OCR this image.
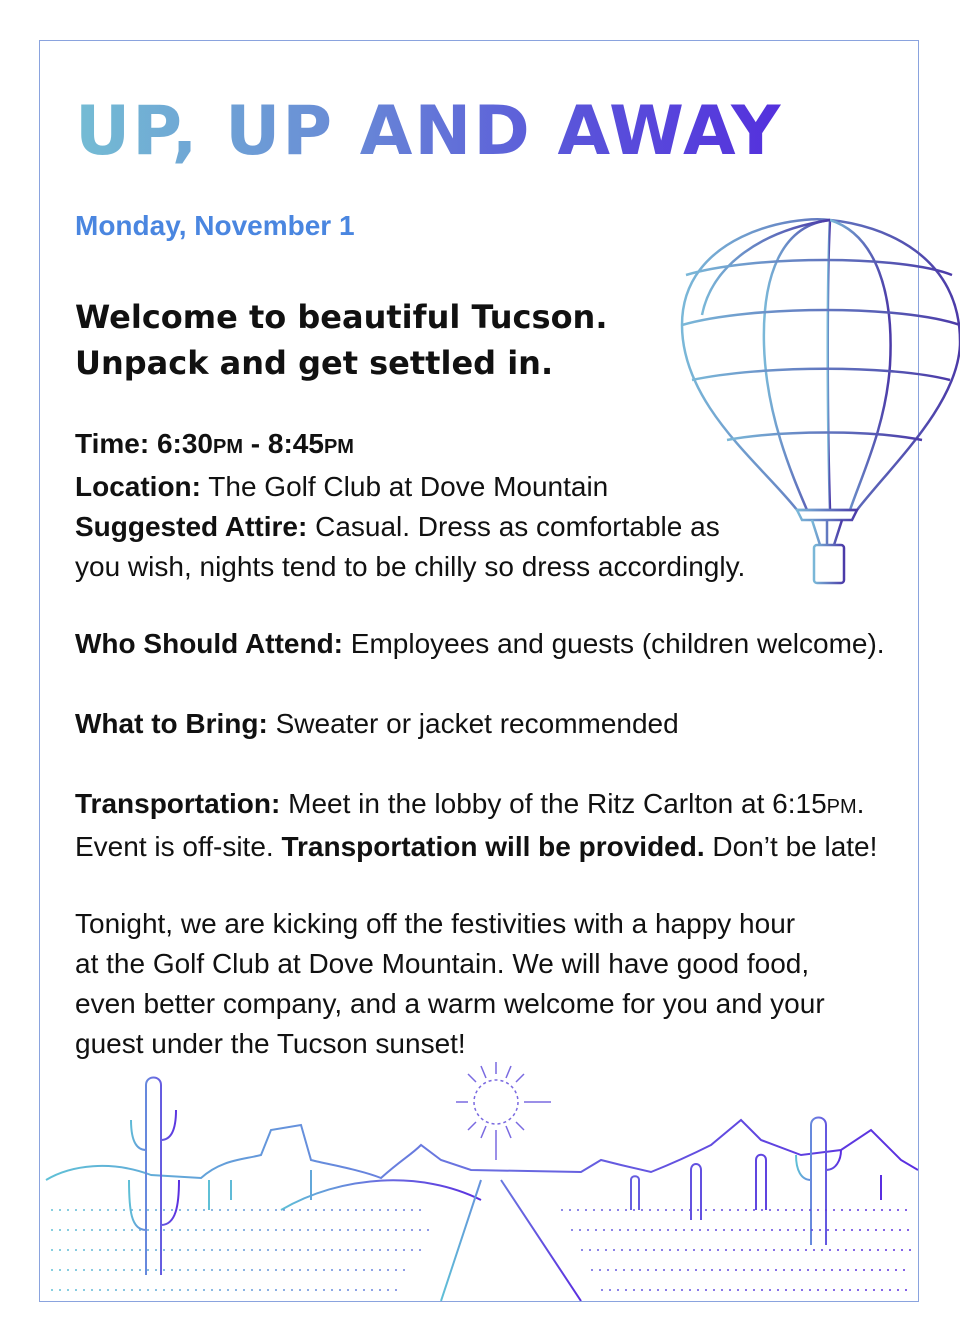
UP, UP AND AWAY
Monday, November 1
Welcome to beautiful Tucson.
Unpack and get settled in.
Time: 6:30PM - 8:45PM
Location: The Golf Club at Dove Mountain
Suggested Attire: Casual. Dress as comfortable as
you wish, nights tend to be chilly so dress accordingly.
Who Should Attend: Employees and guests (children welcome).
What to Bring: Sweater or jacket recommended
Transportation: Meet in the lobby of the Ritz Carlton at 6:15PM.
Event is off-site. Transportation will be provided. Don’t be late!
Tonight, we are kicking off the festivities with a happy hour
at the Golf Club at Dove Mountain. We will have good food,
even better company, and a warm welcome for you and your
guest under the Tucson sunset!
